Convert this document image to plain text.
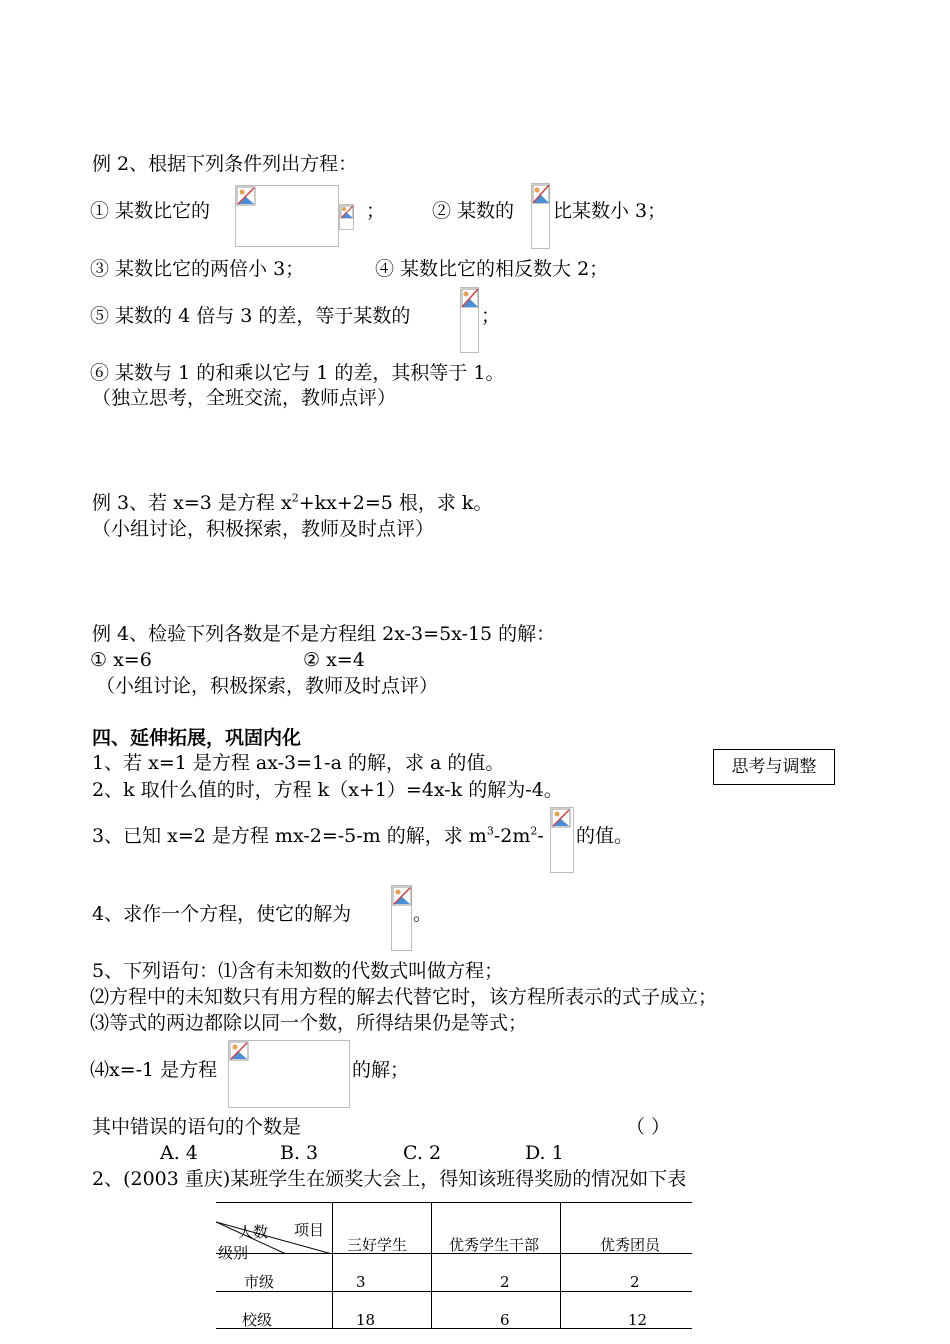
例 2、根据下列条件列出方程：
① 某数比它的	； ② 某数的 比某数小 3；
③ 某数比它的两倍小 3；	④ 某数比它的相反数大 2；
⑤ 某数的 4 倍与 3 的差，等于某数的	；
⑥ 某数与 1 的和乘以它与 1 的差，其积等于 1。
（独立思考，全班交流，教师点评）
例 3、若 x=3 是方程 $x^2+kx+2=5$ 根，求 k。
（小组讨论，积极探索，教师及时点评）
例 4、检验下列各数是不是方程组 2x-3=5x-15 的解：
① x=6	② x=4
（小组讨论，积极探索，教师及时点评）
四、延伸拓展，巩固内化
思考与调整
1、若 x=1 是方程 ax-3=1-a 的解，求 a 的值。
2、k 取什么值的时，方程 k（x+1）=4x-k 的解为-4。
3、已知 x=2 是方程 mx-2=-5-m 的解，求 $m^3-2m^2-$ 的值。
4、求作一个方程，使它的解为	。
5、下列语句：⑴含有未知数的代数式叫做方程；
⑵方程中的未知数只有用方程的解去代替它时，该方程所表示的式子成立；
⑶等式的两边都除以同一个数，所得结果仍是等式；
⑷x=-1 是方程	的解；
其中错误的语句的个数是	（ ）
A. 4	B. 3	C. 2	D. 1
2、(2003 重庆)某班学生在颁奖大会上，得知该班得奖励的情况如下表
项目
人数
级别	三好学生	优秀学生干部	优秀团员
市级	3	2	2
校级	18	6	12
